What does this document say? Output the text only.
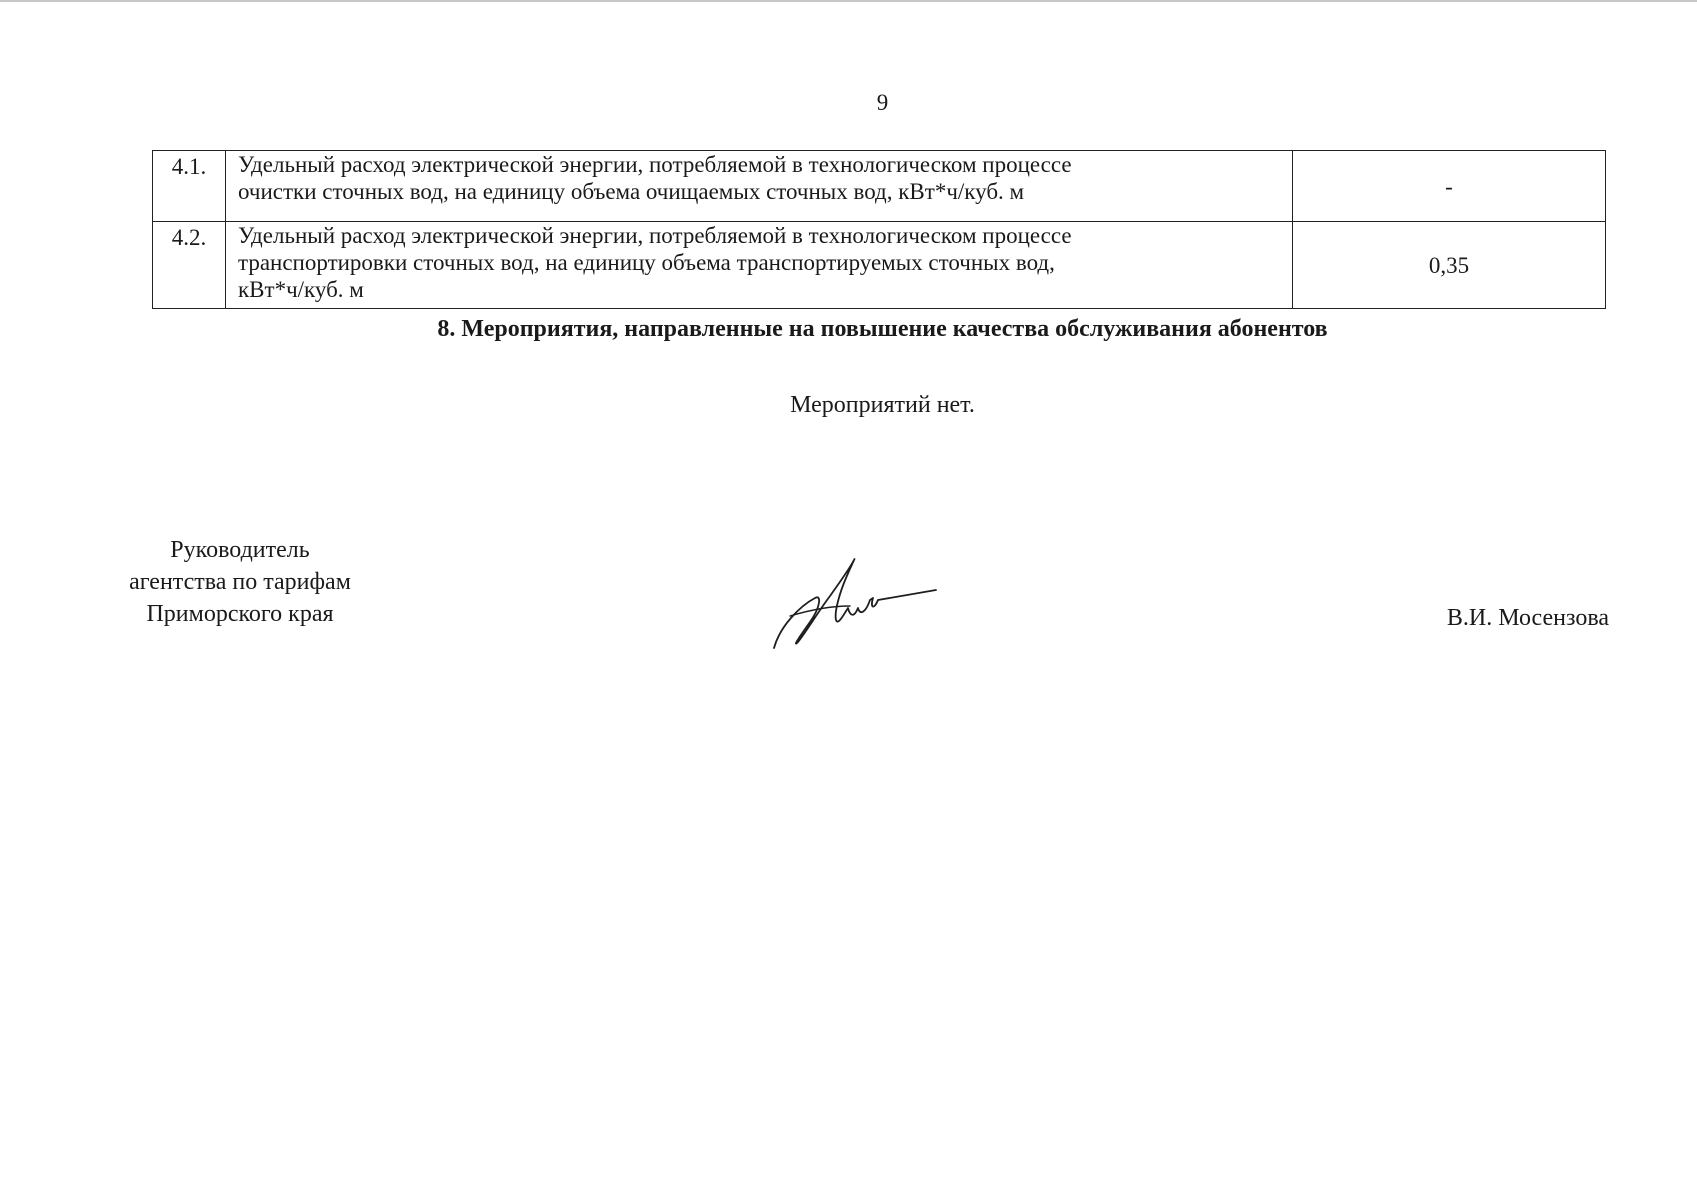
9
4.1.	Удельный расход электрической энергии, потребляемой в технологическом процессе
очистки сточных вод, на единицу объема очищаемых сточных вод, кВт*ч/куб. м	-
4.2.	Удельный расход электрической энергии, потребляемой в технологическом процессе
транспортировки сточных вод, на единицу объема транспортируемых сточных вод,
кВт*ч/куб. м	0,35
8. Мероприятия, направленные на повышение качества обслуживания абонентов
Мероприятий нет.
Руководитель
агентства по тарифам
Приморского края	В.И. Мосензова
